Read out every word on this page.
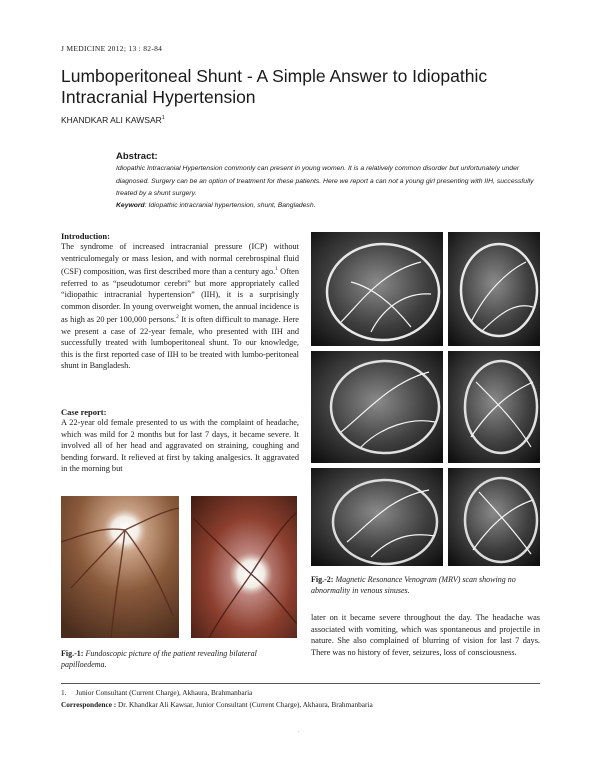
J MEDICINE 2012; 13 : 82-84
Lumboperitoneal Shunt - A Simple Answer to Idiopathic Intracranial Hypertension
KHANDKAR ALI KAWSAR$^1$
Abstract:

Idiopathic Intracranial Hypertension commonly can present in young women. It is a relatively common disorder but unfortunately under diagnosed. Surgery can be an option of treatment for these patients. Here we report a can not a young girl presenting with IIH, successfully treated by a shunt surgery.

Keyword: Idiopathic intracranial hypertension, shunt, Bangladesh.

Introduction:

The syndrome of increased intracranial pressure (ICP) without ventriculomegaly or mass lesion, and with normal cerebrospinal fluid (CSF) composition, was first described more than a century ago.$^1$ Often referred to as “pseudotumor cerebri” but more appropriately called “idiopathic intracranial hypertension” (IIH), it is a surprisingly common disorder. In young overweight women, the annual incidence is as high as 20 per 100,000 persons.$^2$ It is often difficult to manage. Here we present a case of 22-year female, who presented with IIH and successfully treated with lumboperitoneal shunt. To our knowledge, this is the first reported case of IIH to be treated with lumbo-peritoneal shunt in Bangladesh.

Case report:

A 22-year old female presented to us with the complaint of headache, which was mild for 2 months but for last 7 days, it became severe. It involved all of her head and aggravated on straining, coughing and bending forward. It relieved at first by taking analgesics. It aggravated in the morning but

Fig.-1: Fundoscopic picture of the patient revealing bilateral papilloedema.

Fig.-2: Magnetic Resonance Venogram (MRV) scan showing no abnormality in venous sinuses.

later on it became severe throughout the day. The headache was associated with vomiting, which was spontaneous and projectile in nature. She also complained of blurring of vision for last 7 days. There was no history of fever, seizures, loss of consciousness.

1.     Junior Consultant (Current Charge), Akhaura, Brahmanbaria
Correspondence : Dr. Khandkar Ali Kawsar, Junior Consultant (Current Charge), Akhaura, Brahmanbaria
.
